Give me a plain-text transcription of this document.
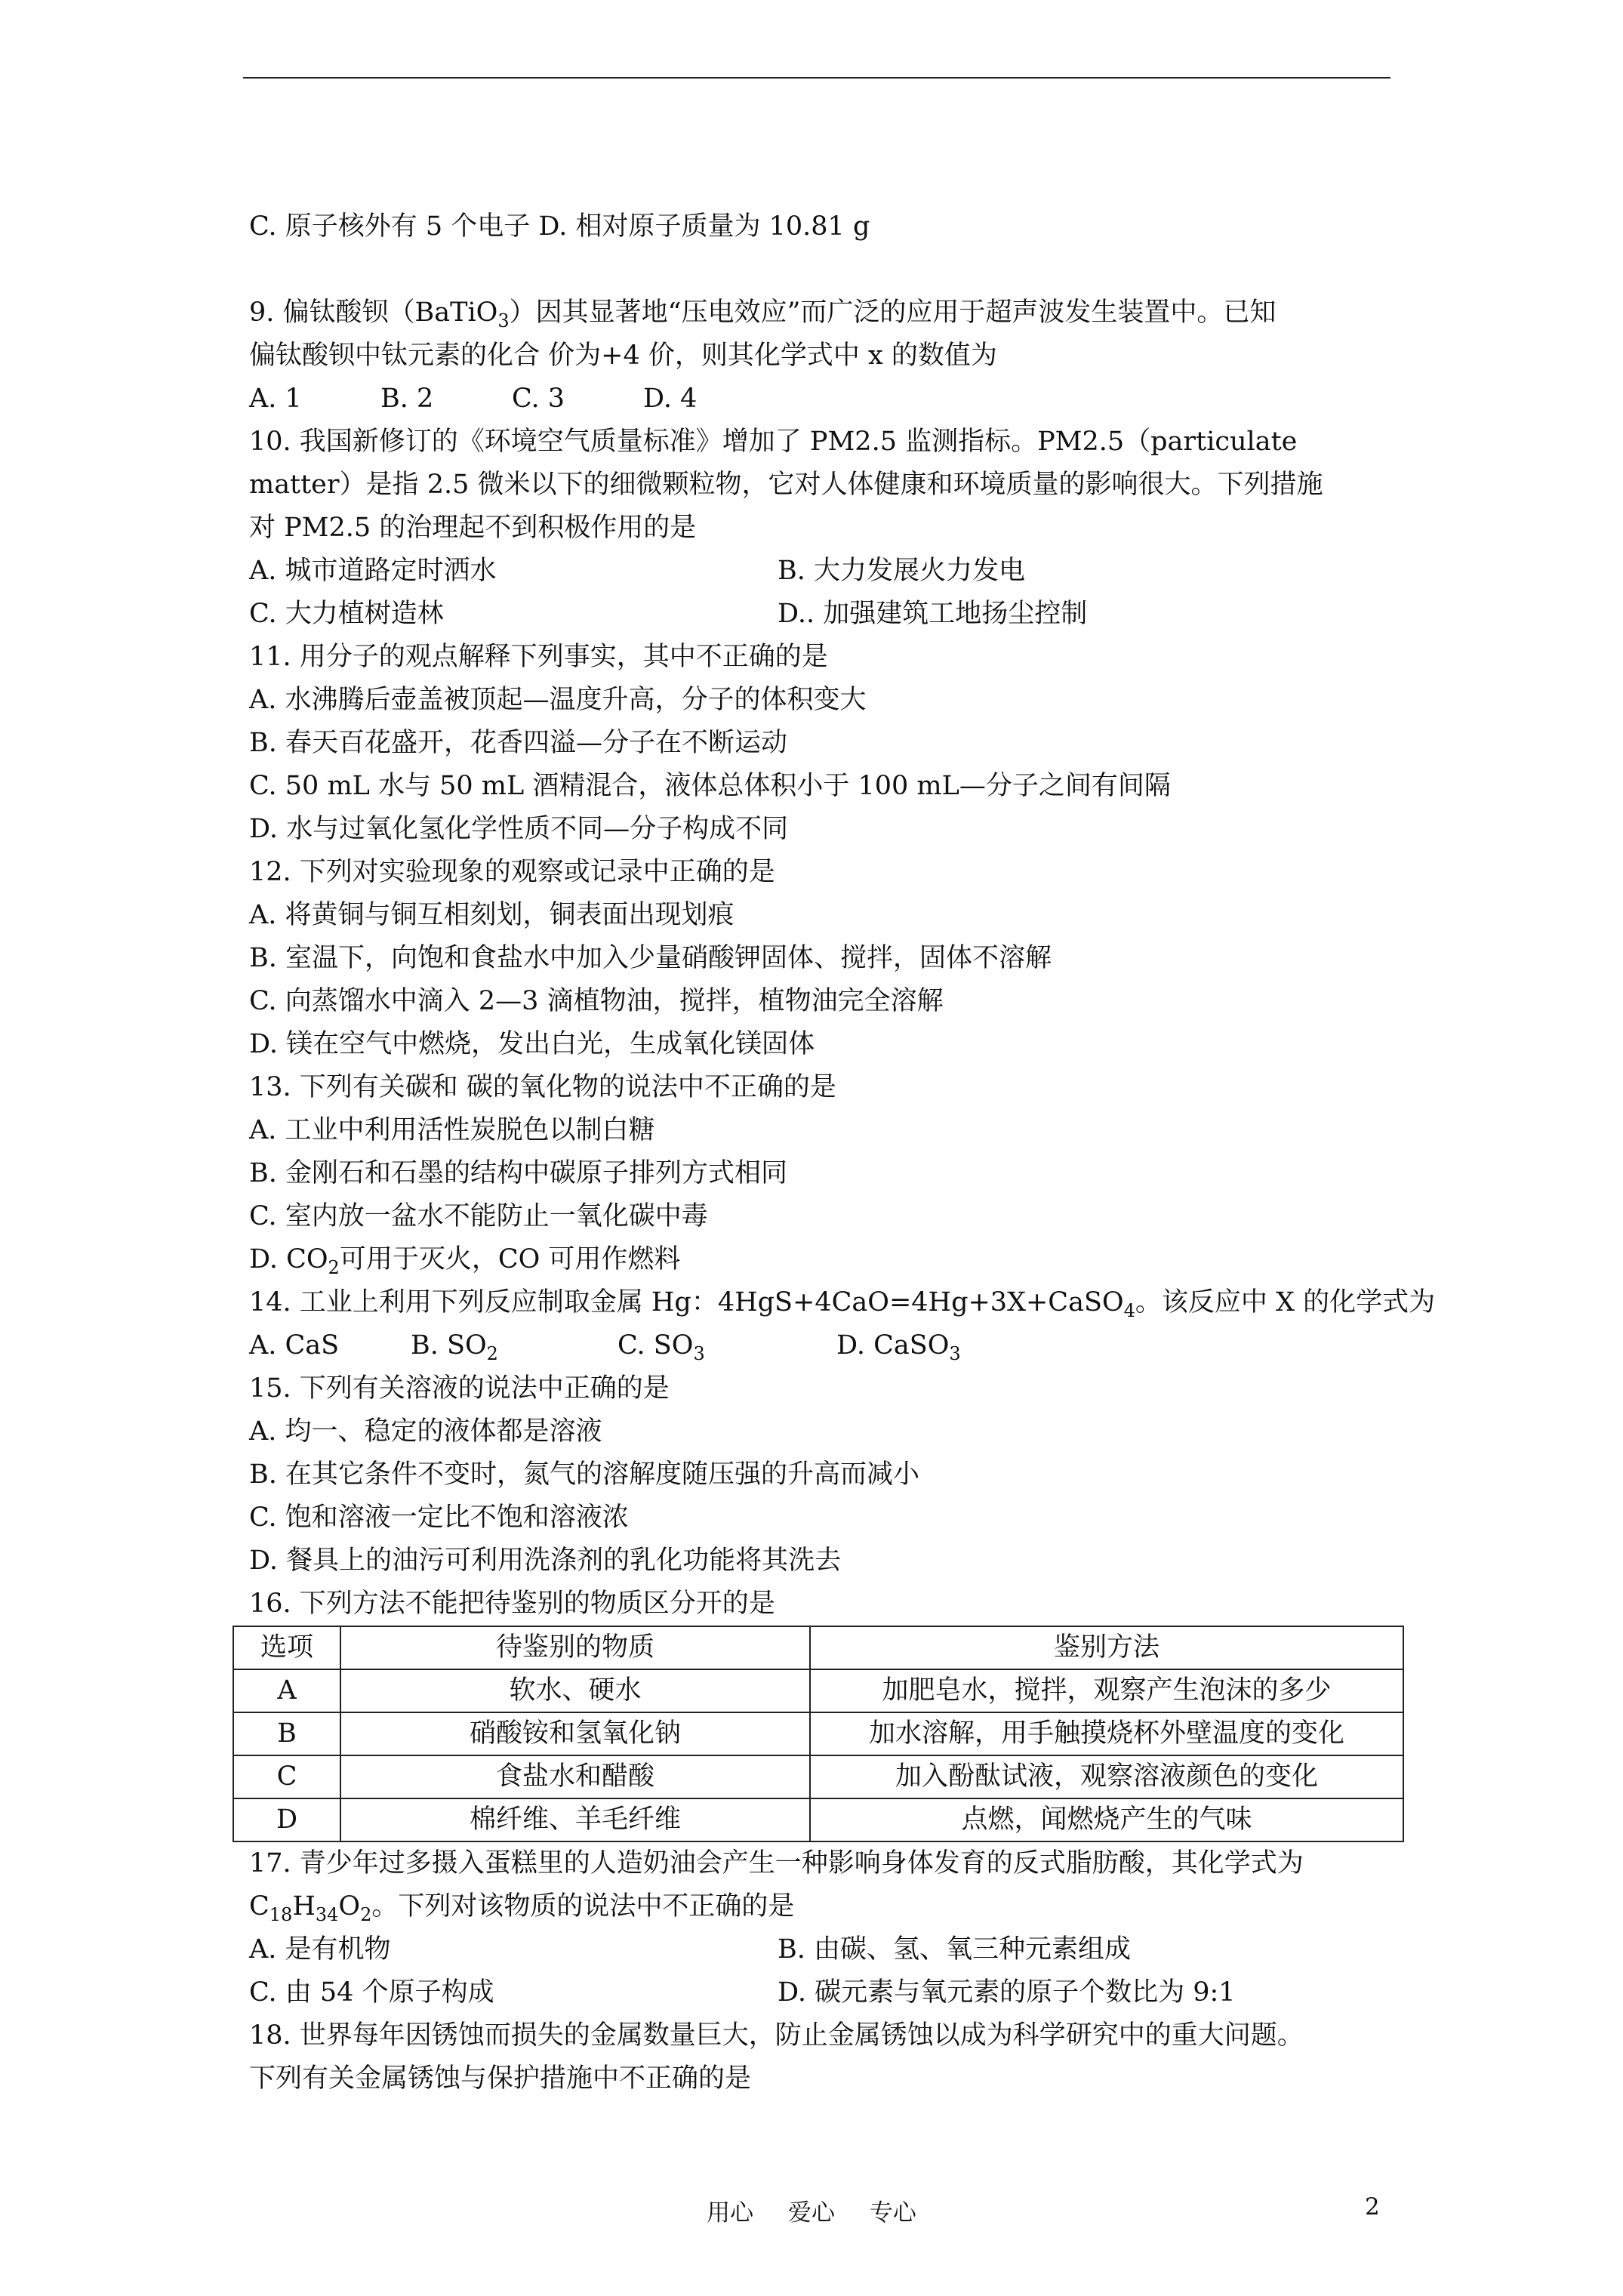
C. 原子核外有 5 个电子 D. 相对原子质量为 10.81 g
9. 偏钛酸钡（BaTiO$_3$）因其显著地“压电效应”而广泛的应用于超声波发生装置中。已知
偏钛酸钡中钛元素的化合 价为+4 价，则其化学式中 x 的数值为
A. 1	B. 2	C. 3	D. 4
10. 我国新修订的《环境空气质量标准》增加了 PM2.5 监测指标。PM2.5（particulate
matter）是指 2.5 微米以下的细微颗粒物，它对人体健康和环境质量的影响很大。下列措施
对 PM2.5 的治理起不到积极作用的是
A. 城市道路定时洒水	B. 大力发展火力发电
C. 大力植树造林	D.. 加强建筑工地扬尘控制
11. 用分子的观点解释下列事实，其中不正确的是
A. 水沸腾后壶盖被顶起—温度升高，分子的体积变大
B. 春天百花盛开，花香四溢—分子在不断运动
C. 50 mL 水与 50 mL 酒精混合，液体总体积小于 100 mL—分子之间有间隔
D. 水与过氧化氢化学性质不同—分子构成不同
12. 下列对实验现象的观察或记录中正确的是
A. 将黄铜与铜互相刻划，铜表面出现划痕
B. 室温下，向饱和食盐水中加入少量硝酸钾固体、搅拌，固体不溶解
C. 向蒸馏水中滴入 2—3 滴植物油，搅拌，植物油完全溶解
D. 镁在空气中燃烧，发出白光，生成氧化镁固体
13. 下列有关碳和 碳的氧化物的说法中不正确的是
A. 工业中利用活性炭脱色以制白糖
B. 金刚石和石墨的结构中碳原子排列方式相同
C. 室内放一盆水不能防止一氧化碳中毒
D. $CO_2$可用于灭火，CO 可用作燃料
14. 工业上利用下列反应制取金属 Hg：4HgS+4CaO=4Hg+3X+CaSO$_4$。该反应中 X 的化学式为
A. CaS	B. $SO_2$	C. $SO_3$	D. CaSO$_3$
15. 下列有关溶液的说法中正确的是
A. 均一、稳定的液体都是溶液
B. 在其它条件不变时，氮气的溶解度随压强的升高而减小
C. 饱和溶液一定比不饱和溶液浓
D. 餐具上的油污可利用洗涤剂的乳化功能将其洗去
16. 下列方法不能把待鉴别的物质区分开的是
选项	待鉴别的物质	鉴别方法
A	软水、硬水	加肥皂水，搅拌，观察产生泡沫的多少
B	硝酸铵和氢氧化钠	加水溶解，用手触摸烧杯外壁温度的变化
C	食盐水和醋酸	加入酚酞试液，观察溶液颜色的变化
D	棉纤维、羊毛纤维	点燃，闻燃烧产生的气味
17. 青少年过多摄入蛋糕里的人造奶油会产生一种影响身体发育的反式脂肪酸，其化学式为
$C_{18}H_{34}O_2$。下列对该物质的说法中不正确的是
A. 是有机物	B. 由碳、氢、氧三种元素组成
C. 由 54 个原子构成	D. 碳元素与氧元素的原子个数比为 9:1
18. 世界每年因锈蚀而损失的金属数量巨大，防止金属锈蚀以成为科学研究中的重大问题。
下列有关金属锈蚀与保护措施中不正确的是
用心 爱心 专心	2
